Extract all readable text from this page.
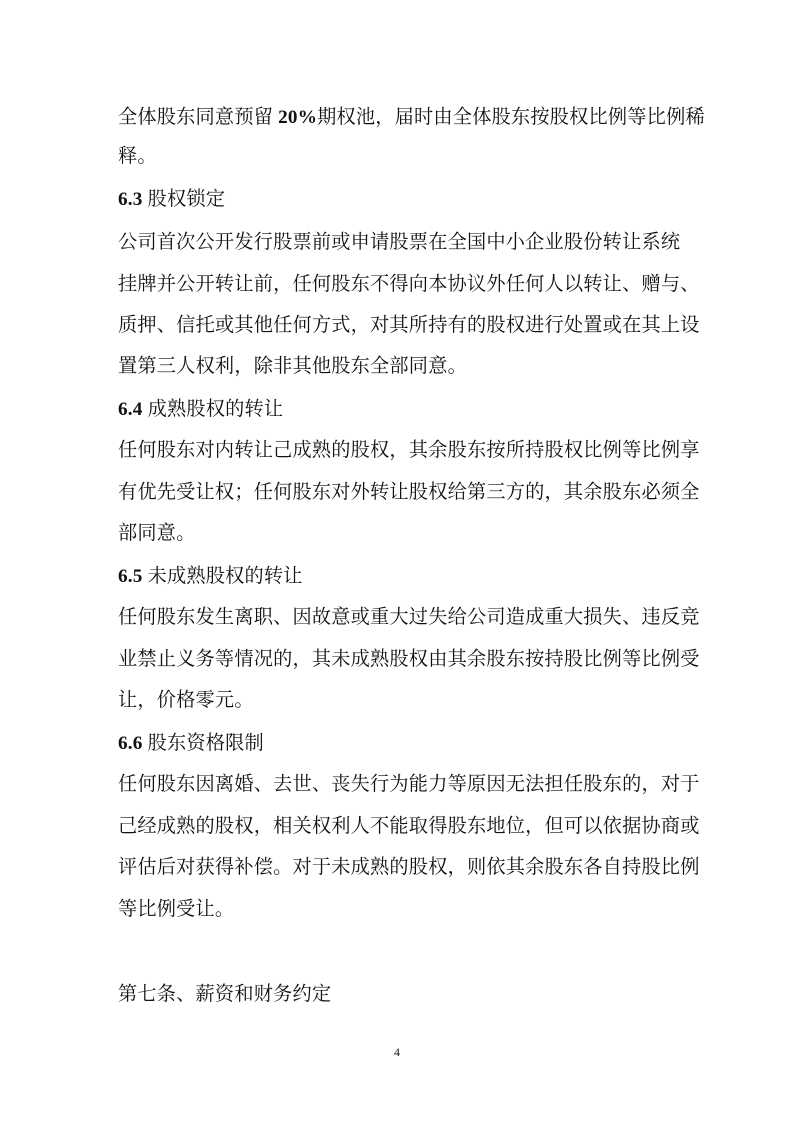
全体股东同意预留 20%期权池，届时由全体股东按股权比例等比例稀
释。
6.3 股权锁定
公司首次公开发行股票前或申请股票在全国中小企业股份转让系统
挂牌并公开转让前，任何股东不得向本协议外任何人以转让、赠与、
质押、信托或其他任何方式，对其所持有的股权进行处置或在其上设
置第三人权利，除非其他股东全部同意。
6.4 成熟股权的转让
任何股东对内转让己成熟的股权，其余股东按所持股权比例等比例享
有优先受让权；任何股东对外转让股权给第三方的，其余股东必须全
部同意。
6.5 未成熟股权的转让
任何股东发生离职、因故意或重大过失给公司造成重大损失、违反竞
业禁止义务等情况的，其未成熟股权由其余股东按持股比例等比例受
让，价格零元。
6.6 股东资格限制
任何股东因离婚、去世、丧失行为能力等原因无法担任股东的，对于
己经成熟的股权，相关权利人不能取得股东地位，但可以依据协商或
评估后对获得补偿。对于未成熟的股权，则依其余股东各自持股比例
等比例受让。
第七条、薪资和财务约定
4
